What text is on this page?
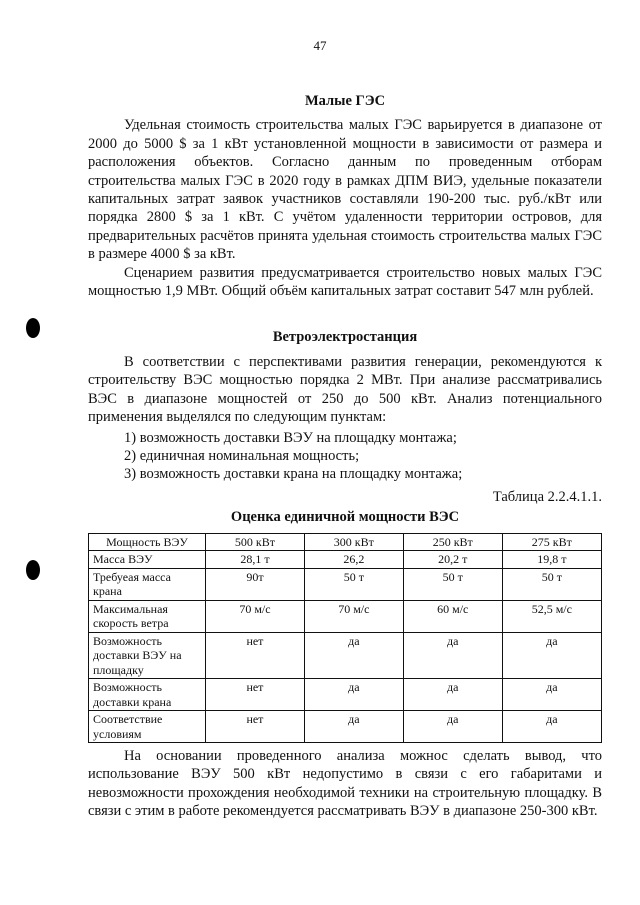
47

Малые ГЭС

Удельная стоимость строительства малых ГЭС варьируется в диапазоне от 2000 до 5000 $ за 1 кВт установленной мощности в зависимости от размера и расположения объектов. Согласно данным по проведенным отборам строительства малых ГЭС в 2020 году в рамках ДПМ ВИЭ, удельные показатели капитальных затрат заявок участников составляли 190-200 тыс. руб./кВт или порядка 2800 $ за 1 кВт. С учётом удаленности территории островов, для предварительных расчётов принята удельная стоимость строительства малых ГЭС в размере 4000 $ за кВт.

Сценарием развития предусматривается строительство новых малых ГЭС мощностью 1,9 МВт. Общий объём капитальных затрат составит 547 млн рублей.

Ветроэлектростанция

В соответствии с перспективами развития генерации, рекомендуются к строительству ВЭС мощностью порядка 2 МВт. При анализе рассматривались ВЭС в диапазоне мощностей от 250 до 500 кВт. Анализ потенциального применения выделялся по следующим пунктам:

1) возможность доставки ВЭУ на площадку монтажа;
2) единичная номинальная мощность;
3) возможность доставки крана на площадку монтажа;

Таблица 2.2.4.1.1.

Оценка единичной мощности ВЭС

Мощность ВЭУ	500 кВт	300 кВт	250 кВт	275 кВт
Масса ВЭУ	28,1 т	26,2	20,2 т	19,8 т
Требуеая масса крана	90т	50 т	50 т	50 т
Максимальная скорость ветра	70 м/с	70 м/с	60 м/с	52,5 м/с
Возможность доставки ВЭУ на площадку	нет	да	да	да
Возможность доставки крана	нет	да	да	да
Соответствие условиям	нет	да	да	да

На основании проведенного анализа можнос сделать вывод, что использование ВЭУ 500 кВт недопустимо в связи с его габаритами и невозможности прохождения необходимой техники на строительную площадку. В связи с этим в работе рекомендуется рассматривать ВЭУ в диапазоне 250-300 кВт.
